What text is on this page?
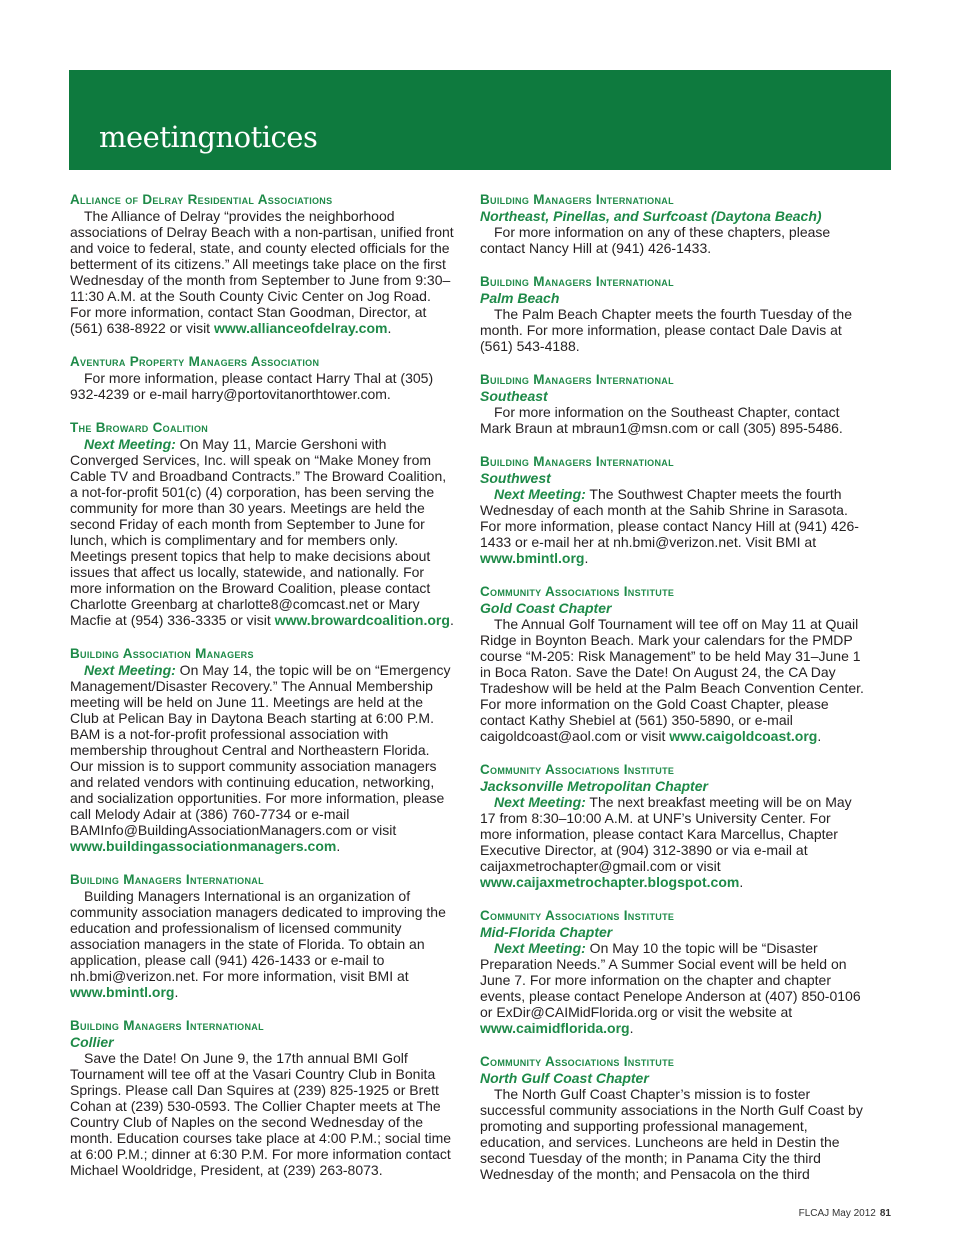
meetingnotices
Alliance of Delray Residential Associations

The Alliance of Delray “provides the neighborhood associations of Delray Beach with a non-partisan, unified front and voice to federal, state, and county elected officials for the betterment of its citizens.” All meetings take place on the first Wednesday of the month from September to June from 9:30–11:30 A.M. at the South County Civic Center on Jog Road. For more information, contact Stan Goodman, Director, at (561) 638-8922 or visit www.allianceofdelray.com.

Aventura Property Managers Association

For more information, please contact Harry Thal at (305) 932-4239 or e-mail harry@portovitanorthtower.com.

The Broward Coalition

Next Meeting: On May 11, Marcie Gershoni with Converged Services, Inc. will speak on “Make Money from Cable TV and Broadband Contracts.” The Broward Coalition, a not-for-profit 501(c) (4) corporation, has been serving the community for more than 30 years. Meetings are held the second Friday of each month from September to June for lunch, which is complimentary and for members only. Meetings present topics that help to make decisions about issues that affect us locally, statewide, and nationally. For more information on the Broward Coalition, please contact Charlotte Greenbarg at charlotte8@comcast.net or Mary Macfie at (954) 336-3335 or visit www.browardcoalition.org.

Building Association Managers

Next Meeting: On May 14, the topic will be on “Emergency Management/Disaster Recovery.” The Annual Membership meeting will be held on June 11. Meetings are held at the Club at Pelican Bay in Daytona Beach starting at 6:00 P.M. BAM is a not-for-profit professional association with membership throughout Central and Northeastern Florida. Our mission is to support community association managers and related vendors with continuing education, networking, and socialization opportunities. For more information, please call Melody Adair at (386) 760-7734 or e-mail BAMInfo@BuildingAssociationManagers.com or visit www.buildingassociationmanagers.com.

Building Managers International

Building Managers International is an organization of community association managers dedicated to improving the education and professionalism of licensed community association managers in the state of Florida. To obtain an application, please call (941) 426-1433 or e-mail to nh.bmi@verizon.net. For more information, visit BMI at www.bmintl.org.

Building Managers International
Collier

Save the Date! On June 9, the 17th annual BMI Golf Tournament will tee off at the Vasari Country Club in Bonita Springs. Please call Dan Squires at (239) 825-1925 or Brett Cohan at (239) 530-0593. The Collier Chapter meets at The Country Club of Naples on the second Wednesday of the month. Education courses take place at 4:00 P.M.; social time at 6:00 P.M.; dinner at 6:30 P.M. For more information contact Michael Wooldridge, President, at (239) 263-8073.

Building Managers International
Northeast, Pinellas, and Surfcoast (Daytona Beach)

For more information on any of these chapters, please contact Nancy Hill at (941) 426-1433.

Building Managers International
Palm Beach

The Palm Beach Chapter meets the fourth Tuesday of the month. For more information, please contact Dale Davis at (561) 543-4188.

Building Managers International
Southeast

For more information on the Southeast Chapter, contact Mark Braun at mbraun1@msn.com or call (305) 895-5486.

Building Managers International
Southwest

Next Meeting: The Southwest Chapter meets the fourth Wednesday of each month at the Sahib Shrine in Sarasota. For more information, please contact Nancy Hill at (941) 426-1433 or e-mail her at nh.bmi@verizon.net. Visit BMI at www.bmintl.org.

Community Associations Institute
Gold Coast Chapter

The Annual Golf Tournament will tee off on May 11 at Quail Ridge in Boynton Beach. Mark your calendars for the PMDP course “M-205: Risk Management” to be held May 31–June 1 in Boca Raton. Save the Date! On August 24, the CA Day Tradeshow will be held at the Palm Beach Convention Center. For more information on the Gold Coast Chapter, please contact Kathy Shebiel at (561) 350-5890, or e-mail caigoldcoast@aol.com or visit www.caigoldcoast.org.

Community Associations Institute
Jacksonville Metropolitan Chapter

Next Meeting: The next breakfast meeting will be on May 17 from 8:30–10:00 A.M. at UNF’s University Center. For more information, please contact Kara Marcellus, Chapter Executive Director, at (904) 312-3890 or via e-mail at caijaxmetrochapter@gmail.com or visit www.caijaxmetrochapter.blogspot.com.

Community Associations Institute
Mid-Florida Chapter

Next Meeting: On May 10 the topic will be “Disaster Preparation Needs.” A Summer Social event will be held on June 7. For more information on the chapter and chapter events, please contact Penelope Anderson at (407) 850-0106 or ExDir@CAIMidFlorida.org or visit the website at www.caimidflorida.org.

Community Associations Institute
North Gulf Coast Chapter

The North Gulf Coast Chapter’s mission is to foster successful community associations in the North Gulf Coast by promoting and supporting professional management, education, and services. Luncheons are held in Destin the second Tuesday of the month; in Panama City the third Wednesday of the month; and Pensacola on the third

FLCAJ May 2012 81
